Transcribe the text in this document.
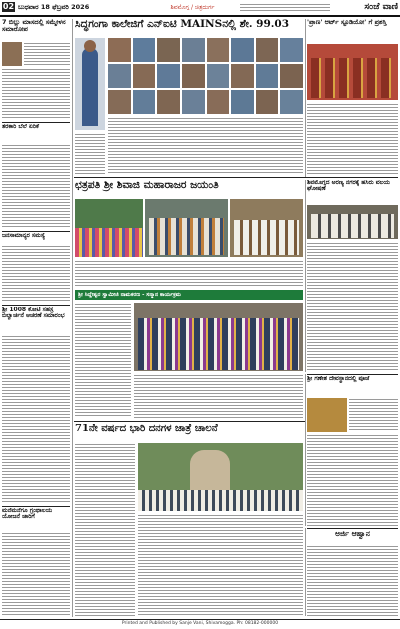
02 ಬುಧವಾರ 18 ಫೆಬ್ರವರಿ 2026	ಶಿವಮೊಗ್ಗ / ಚಿತ್ರದುರ್ಗ	ಸಂಜೆ ವಾಣಿ
7 ಬಿಲ್ಲು ಮಾಸದಲ್ಲಿ ಸಮ್ಮೇಳನ ಸಮಾರೋಪ
ತರಕಾರಿ ಬೆಲೆ ಏರಿಕೆ
ಜನಸಾಮಾನ್ಯರ ಸಮಸ್ಯೆ
ಶ್ರೀ 1008 ಕೋಟಿ ಸಹಸ್ರ ಬಿಲ್ವಾರ್ಚನೆ ಆಚರಣೆ ಸಮಾರಂಭ
ಮನೆಮನೆಗೂ ಗ್ರಂಥಾಲಯ ಯೋಜನೆ ಜಾರಿಗೆ
ಸಿದ್ಧಗಂಗಾ ಕಾಲೇಜಿಗೆ ಎನ್ಐಟಿ MAINSನಲ್ಲಿ ಶೇ. 99.03	'ಪ್ರಾಣ' ಆರ್ಟ್ ಸ್ಟೂಡಿಯೋ' ಗೆ ಪ್ರಶಸ್ತಿ
ಛತ್ರಪತಿ ಶ್ರೀ ಶಿವಾಜಿ ಮಹಾರಾಜರ ಜಯಂತಿ	ಶಿವಮೊಗ್ಗದ ಅರಣ್ಯ ನಗರಕ್ಕೆ ಹಸಿರು ವಲಯ ಘೋಷಣೆ
ಶ್ರೀ ಸಿದ್ದೇಶ್ವರ ಸ್ವಾಮೀಜಿ ನಾಮಕರಣ - ಸನ್ಮಾನ ಕಾರ್ಯಕ್ರಮ
ಶ್ರೀ ಗಣೇಶ ದೇವಸ್ಥಾನದಲ್ಲಿ ಪೂಜೆ
71ನೇ ವರ್ಷದ ಭಾರಿ ದನಗಳ ಜಾತ್ರೆ ಚಾಲನೆ
ಅರ್ಜಿ ಆಹ್ವಾನ
Printed and Published by Sanje Vani, Shivamogga. Ph: 08182-000000
